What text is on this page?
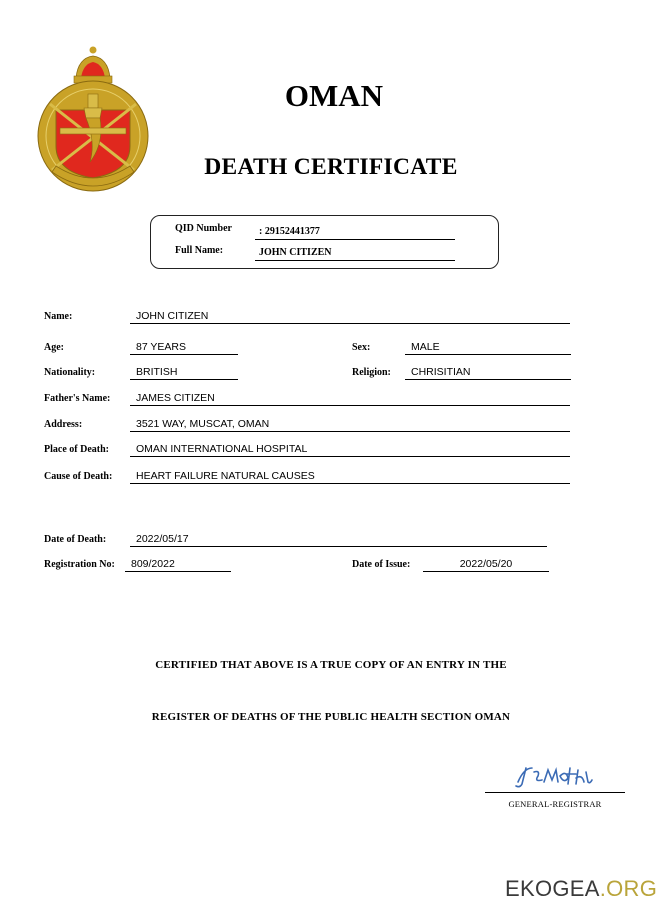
OMAN
DEATH CERTIFICATE
QID Number	: 29152441377
Full Name:	JOHN CITIZEN
Name:	JOHN CITIZEN
Age:	87 YEARS	Sex:	MALE
Nationality:	BRITISH	Religion:	CHRISITIAN
Father's Name:	JAMES CITIZEN
Address:	3521 WAY, MUSCAT, OMAN
Place of Death:	OMAN INTERNATIONAL HOSPITAL
Cause of Death:	HEART FAILURE NATURAL CAUSES
Date of Death:	2022/05/17
Registration No:	809/2022	Date of Issue:	2022/05/20
CERTIFIED THAT ABOVE IS A TRUE COPY OF AN ENTRY IN THE
REGISTER OF DEATHS OF THE PUBLIC HEALTH SECTION OMAN
GENERAL-REGISTRAR
EKOGEA.ORG
